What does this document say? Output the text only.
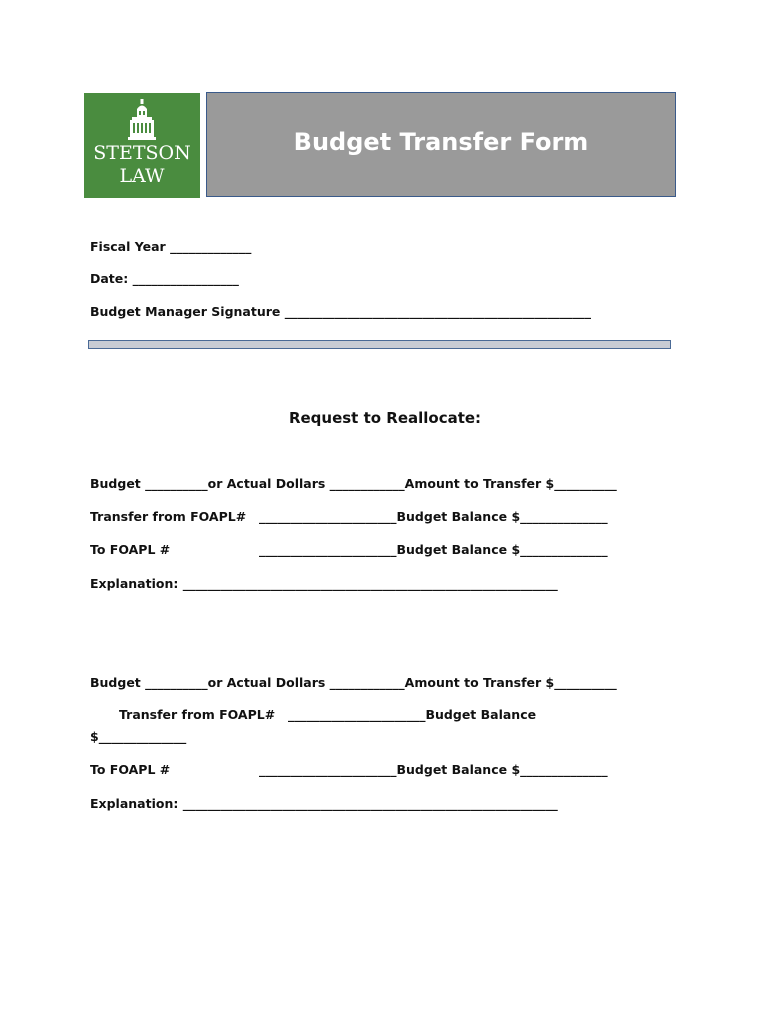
STETSON
LAW
Budget Transfer Form
Fiscal Year _____________
Date: _________________
Budget Manager Signature _________________________________________________
Request to Reallocate:
Budget __________or Actual Dollars ____________Amount to Transfer $__________
Transfer from FOAPL# ______________________Budget Balance $______________
To FOAPL #	______________________Budget Balance $______________
Explanation: ____________________________________________________________
Budget __________or Actual Dollars ____________Amount to Transfer $__________
Transfer from FOAPL# ______________________Budget Balance
$______________
To FOAPL #	______________________Budget Balance $______________
Explanation: ____________________________________________________________
